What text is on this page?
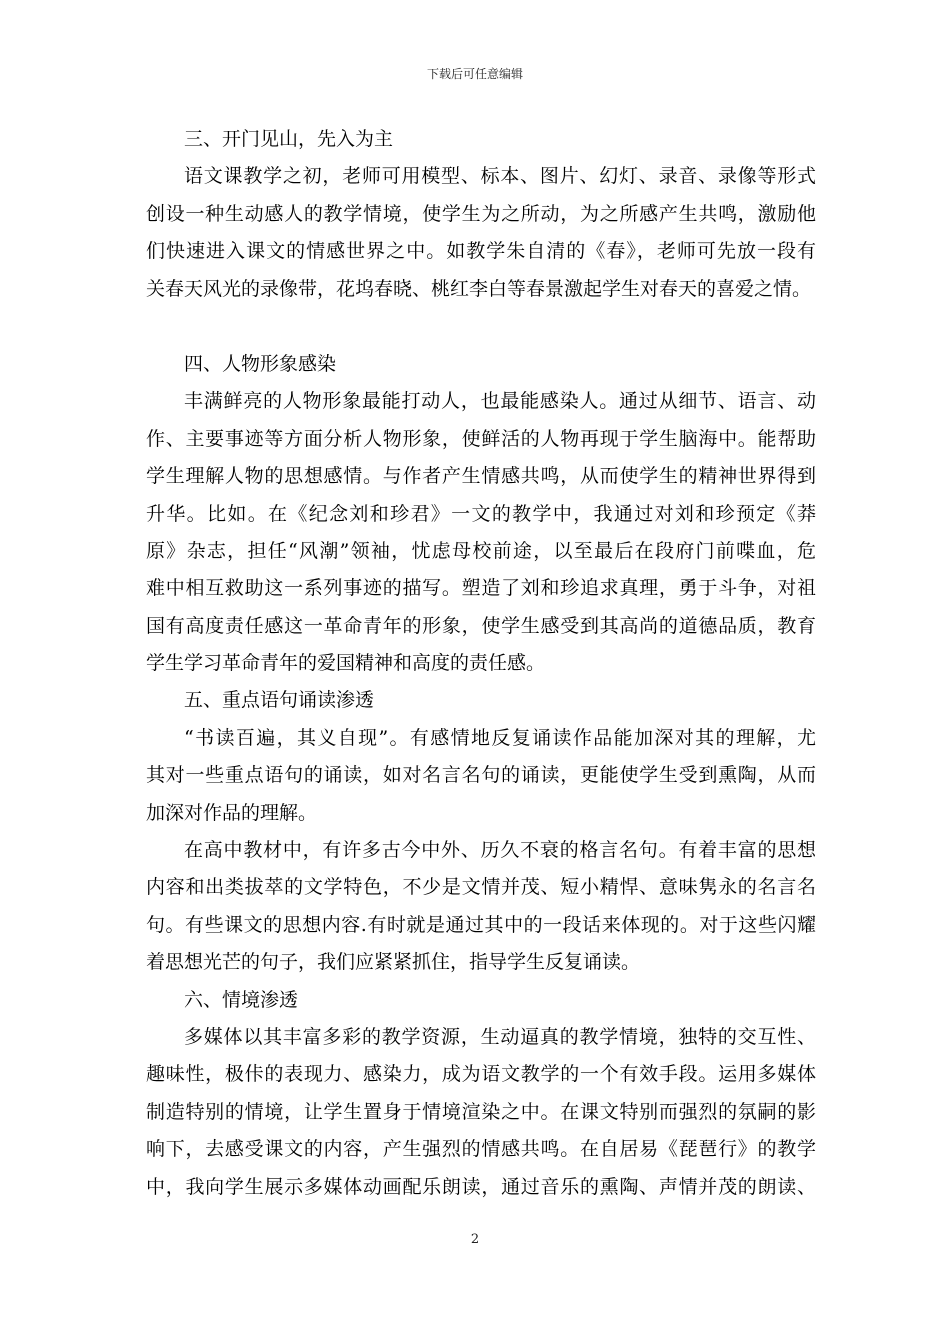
下载后可任意编辑
三、开门见山，先入为主
语文课教学之初，老师可用模型、标本、图片、幻灯、录音、录像等形式
创设一种生动感人的教学情境，使学生为之所动，为之所感产生共鸣，激励他
们快速进入课文的情感世界之中。如教学朱自清的《春》，老师可先放一段有
关春天风光的录像带，花坞春晓、桃红李白等春景激起学生对春天的喜爱之情。
四、人物形象感染
丰满鲜亮的人物形象最能打动人，也最能感染人。通过从细节、语言、动
作、主要事迹等方面分析人物形象，使鲜活的人物再现于学生脑海中。能帮助
学生理解人物的思想感情。与作者产生情感共鸣，从而使学生的精神世界得到
升华。比如。在《纪念刘和珍君》一文的教学中，我通过对刘和珍预定《莽
原》杂志，担任“风潮”领袖，忧虑母校前途，以至最后在段府门前喋血，危
难中相互救助这一系列事迹的描写。塑造了刘和珍追求真理，勇于斗争，对祖
国有高度责任感这一革命青年的形象，使学生感受到其高尚的道德品质，教育
学生学习革命青年的爱国精神和高度的责任感。
五、重点语句诵读渗透
“书读百遍，其义自现”。有感情地反复诵读作品能加深对其的理解，尤
其对一些重点语句的诵读，如对名言名句的诵读，更能使学生受到熏陶，从而
加深对作品的理解。
在高中教材中，有许多古今中外、历久不衰的格言名句。有着丰富的思想
内容和出类拔萃的文学特色，不少是文情并茂、短小精悍、意味隽永的名言名
句。有些课文的思想内容.有时就是通过其中的一段话来体现的。对于这些闪耀
着思想光芒的句子，我们应紧紧抓住，指导学生反复诵读。
六、情境渗透
多媒体以其丰富多彩的教学资源，生动逼真的教学情境，独特的交互性、
趣味性，极佧的表现力、感染力，成为语文教学的一个有效手段。运用多媒体
制造特别的情境，让学生置身于情境渲染之中。在课文特别而强烈的氛嗣的影
响下，去感受课文的内容，产生强烈的情感共鸣。在自居易《琵琶行》的教学
中，我向学生展示多媒体动画配乐朗读，通过音乐的熏陶、声情并茂的朗读、
2
